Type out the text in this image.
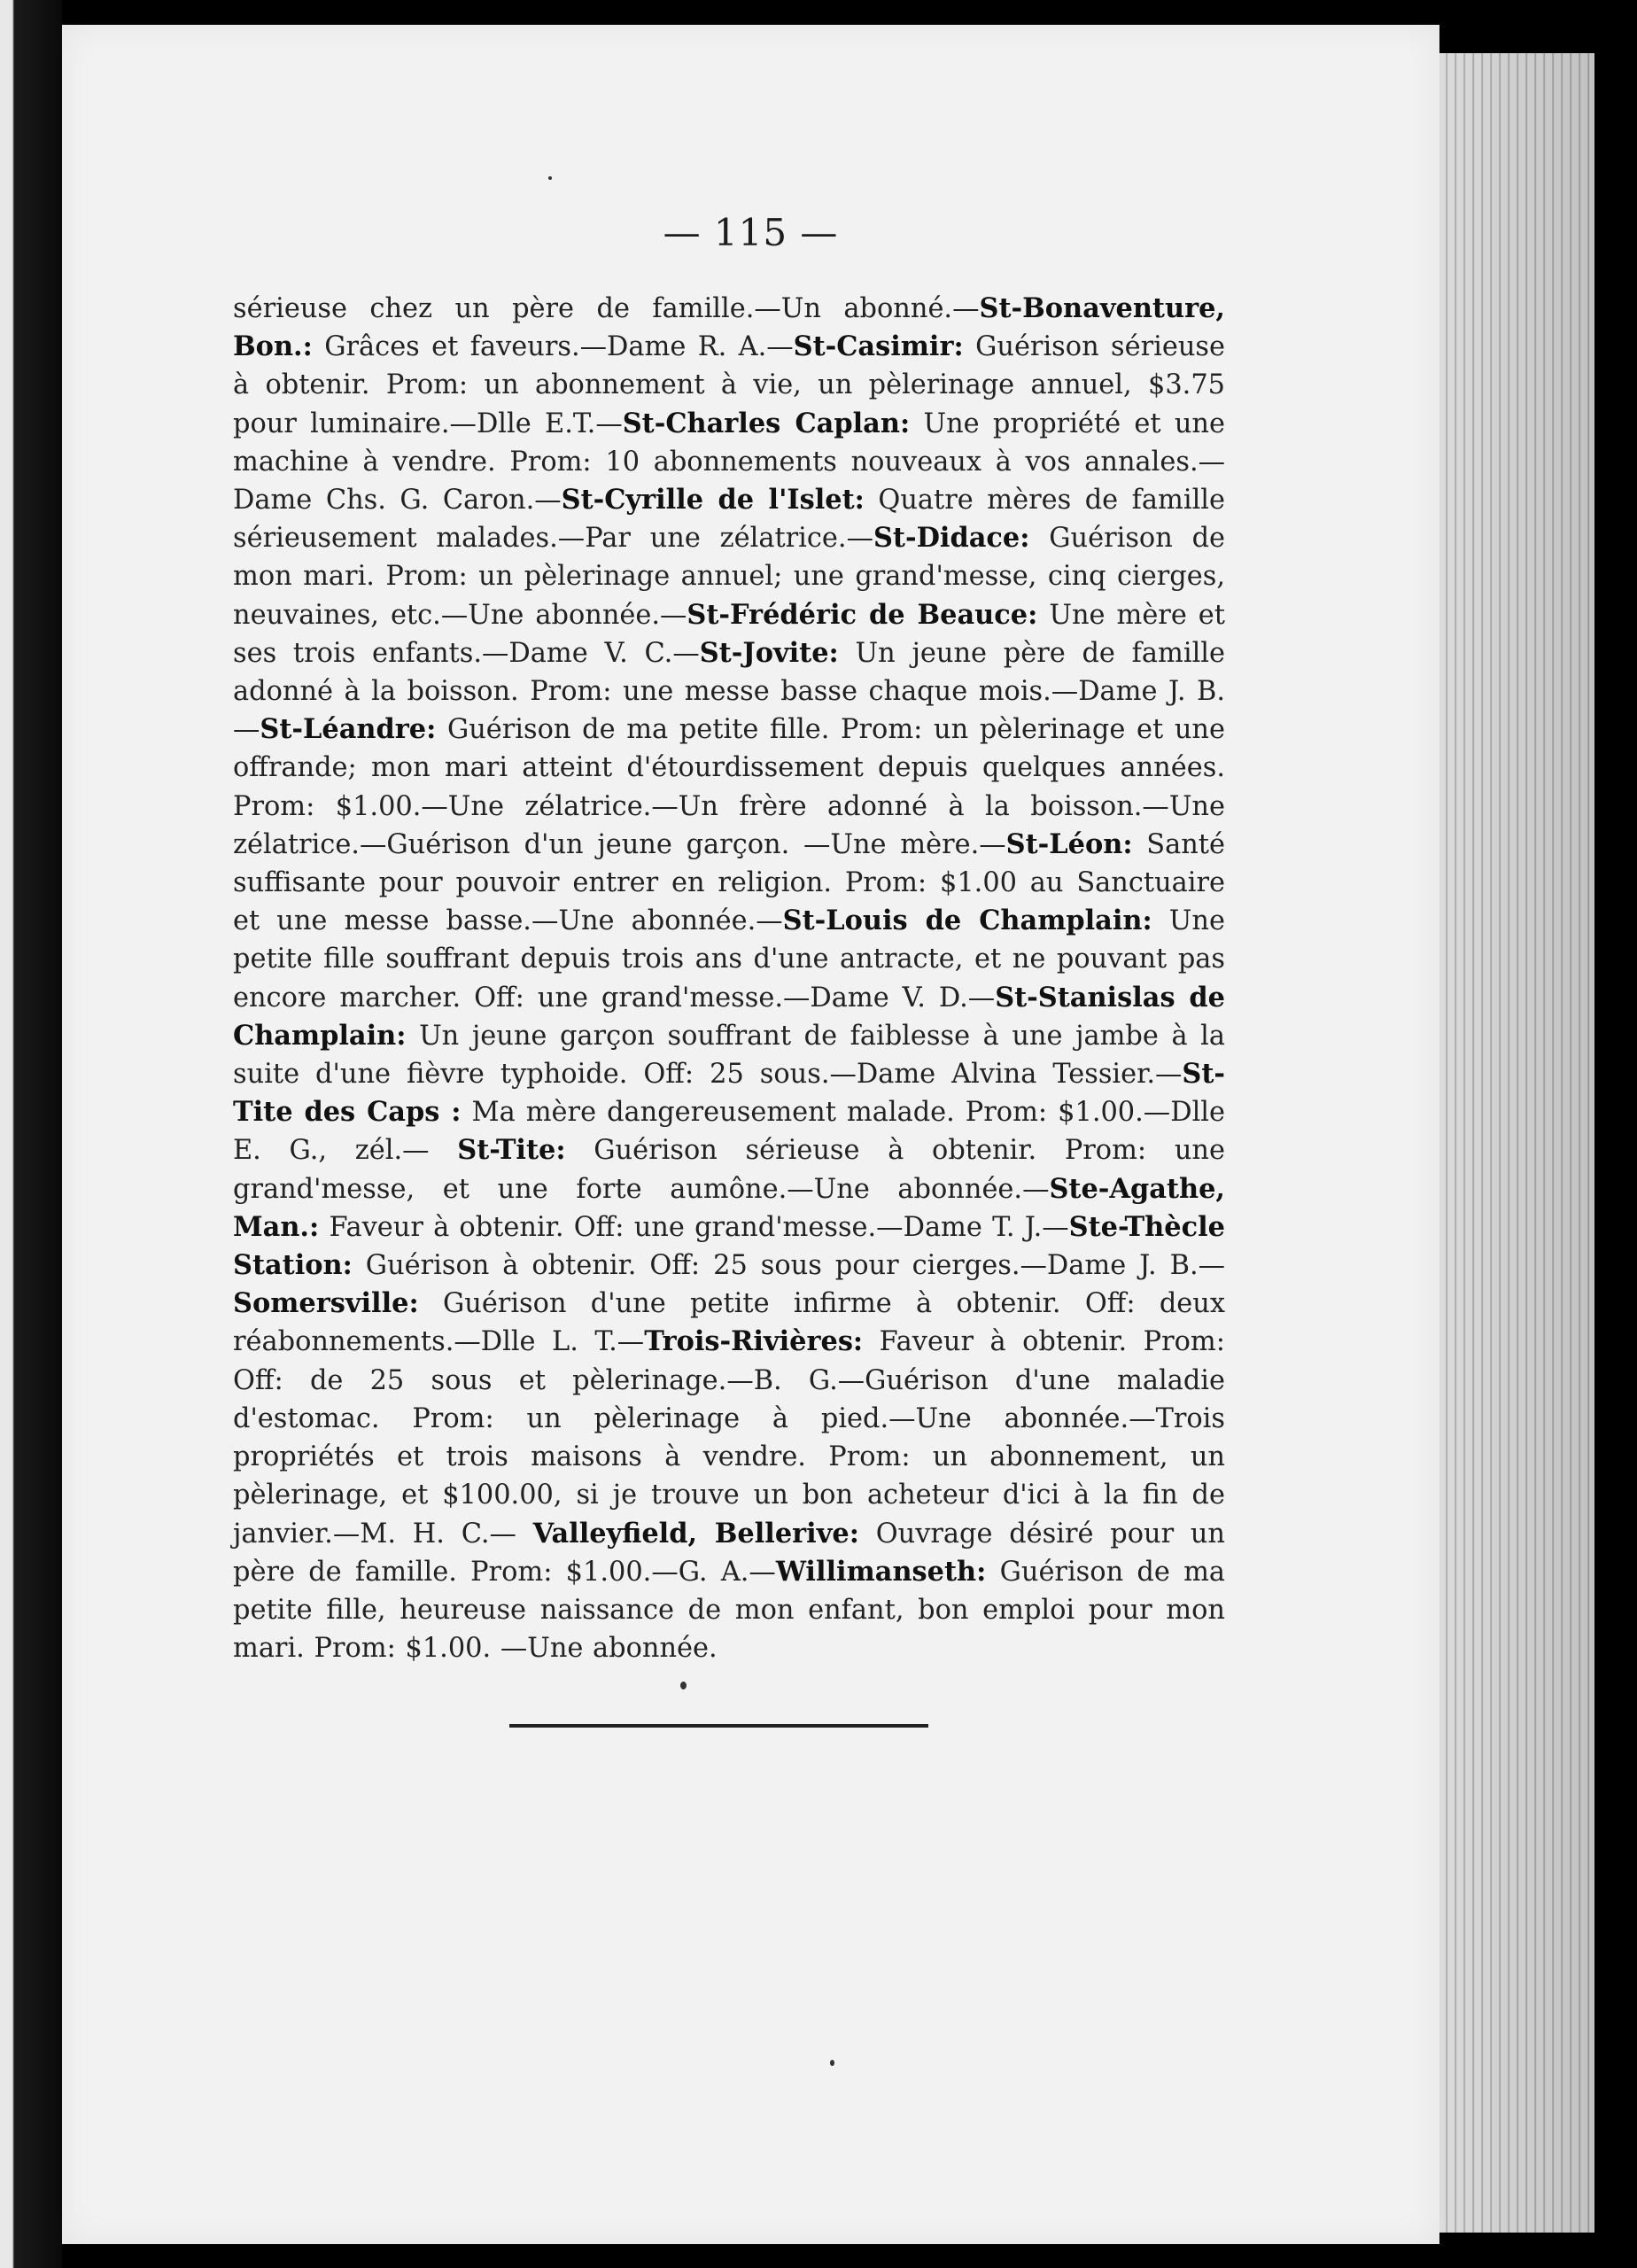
— 115 —
sérieuse chez un père de famille.—Un abonné.—St-Bonaventure, Bon.: Grâces et faveurs.—Dame R. A.—St-Casimir: Guérison sérieuse à obtenir. Prom: un abonnement à vie, un pèlerinage annuel, $3.75 pour luminaire.—Dlle E.T.—St-Charles Caplan: Une propriété et une machine à vendre. Prom: 10 abonnements nouveaux à vos annales.—Dame Chs. G. Caron.—St-Cyrille de l'Islet: Quatre mères de famille sérieusement malades.—Par une zélatrice.—St-Didace: Guérison de mon mari. Prom: un pèlerinage annuel; une grand'messe, cinq cierges, neuvaines, etc.—Une abonnée.—St-Frédéric de Beauce: Une mère et ses trois enfants.—Dame V. C.—St-Jovite: Un jeune père de famille adonné à la boisson. Prom: une messe basse chaque mois.—Dame J. B.—St-Léandre: Guérison de ma petite fille. Prom: un pèlerinage et une offrande; mon mari atteint d'étourdissement depuis quelques années. Prom: $1.00.—Une zélatrice.—Un frère adonné à la boisson.—Une zélatrice.—Guérison d'un jeune garçon. —Une mère.—St-Léon: Santé suffisante pour pouvoir entrer en religion. Prom: $1.00 au Sanctuaire et une messe basse.—Une abonnée.—St-Louis de Champlain: Une petite fille souffrant depuis trois ans d'une antracte, et ne pouvant pas encore marcher. Off: une grand'messe.—Dame V. D.—St-Stanislas de Champlain: Un jeune garçon souffrant de faiblesse à une jambe à la suite d'une fièvre typhoide. Off: 25 sous.—Dame Alvina Tessier.—St-Tite des Caps : Ma mère dangereusement malade. Prom: $1.00.—Dlle E. G., zél.— St-Tite: Guérison sérieuse à obtenir. Prom: une grand'messe, et une forte aumône.—Une abonnée.—Ste-Agathe, Man.: Faveur à obtenir. Off: une grand'messe.—Dame T. J.—Ste-Thècle Station: Guérison à obtenir. Off: 25 sous pour cierges.—Dame J. B.—Somersville: Guérison d'une petite infirme à obtenir. Off: deux réabonnements.—Dlle L. T.—Trois-Rivières: Faveur à obtenir. Prom: Off: de 25 sous et pèlerinage.—B. G.—Guérison d'une maladie d'estomac. Prom: un pèlerinage à pied.—Une abonnée.—Trois propriétés et trois maisons à vendre. Prom: un abonnement, un pèlerinage, et $100.00, si je trouve un bon acheteur d'ici à la fin de janvier.—M. H. C.— Valleyfield, Bellerive: Ouvrage désiré pour un père de famille. Prom: $1.00.—G. A.—Willimanseth: Guérison de ma petite fille, heureuse naissance de mon enfant, bon emploi pour mon mari. Prom: $1.00. —Une abonnée.
